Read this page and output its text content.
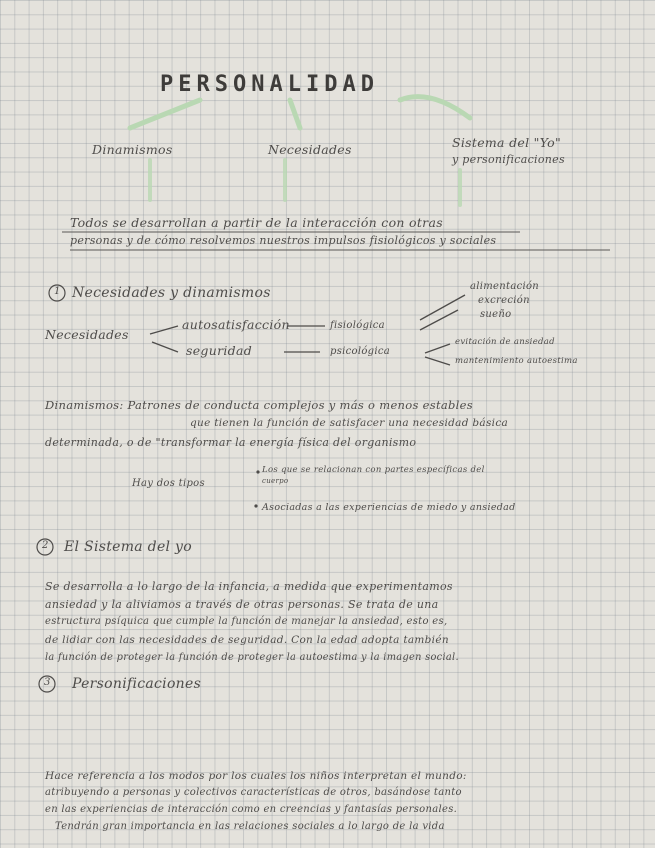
PERSONALIDAD
Dinamismos	Necesidades	Sistema del "Yo"
y personificaciones
Todos se desarrollan a partir de la interacción con otras
personas y de cómo resolvemos nuestros impulsos fisiológicos y sociales
1 Necesidades y dinamismos
Necesidades
autosatisfacción
seguridad
fisiológica
psicológica
alimentación
excreción
sueño
evitación de ansiedad
mantenimiento autoestima
Dinamismos: Patrones de conducta complejos y más o menos estables
que tienen la función de satisfacer una necesidad básica
determinada, o de "transformar la energía física del organismo
Hay dos tipos
Los que se relacionan con partes específicas del
cuerpo
Asociadas a las experiencias de miedo y ansiedad
2 El Sistema del yo
Se desarrolla a lo largo de la infancia, a medida que experimentamos
ansiedad y la aliviamos a través de otras personas. Se trata de una
estructura psíquica que cumple la función de manejar la ansiedad, esto es,
de lidiar con las necesidades de seguridad. Con la edad adopta también
la función de proteger la función de proteger la autoestima y la imagen social.
3 Personificaciones
Hace referencia a los modos por los cuales los niños interpretan el mundo:
atribuyendo a personas y colectivos características de otros, basándose tanto
en las experiencias de interacción como en creencias y fantasías personales.
Tendrán gran importancia en las relaciones sociales a lo largo de la vida
